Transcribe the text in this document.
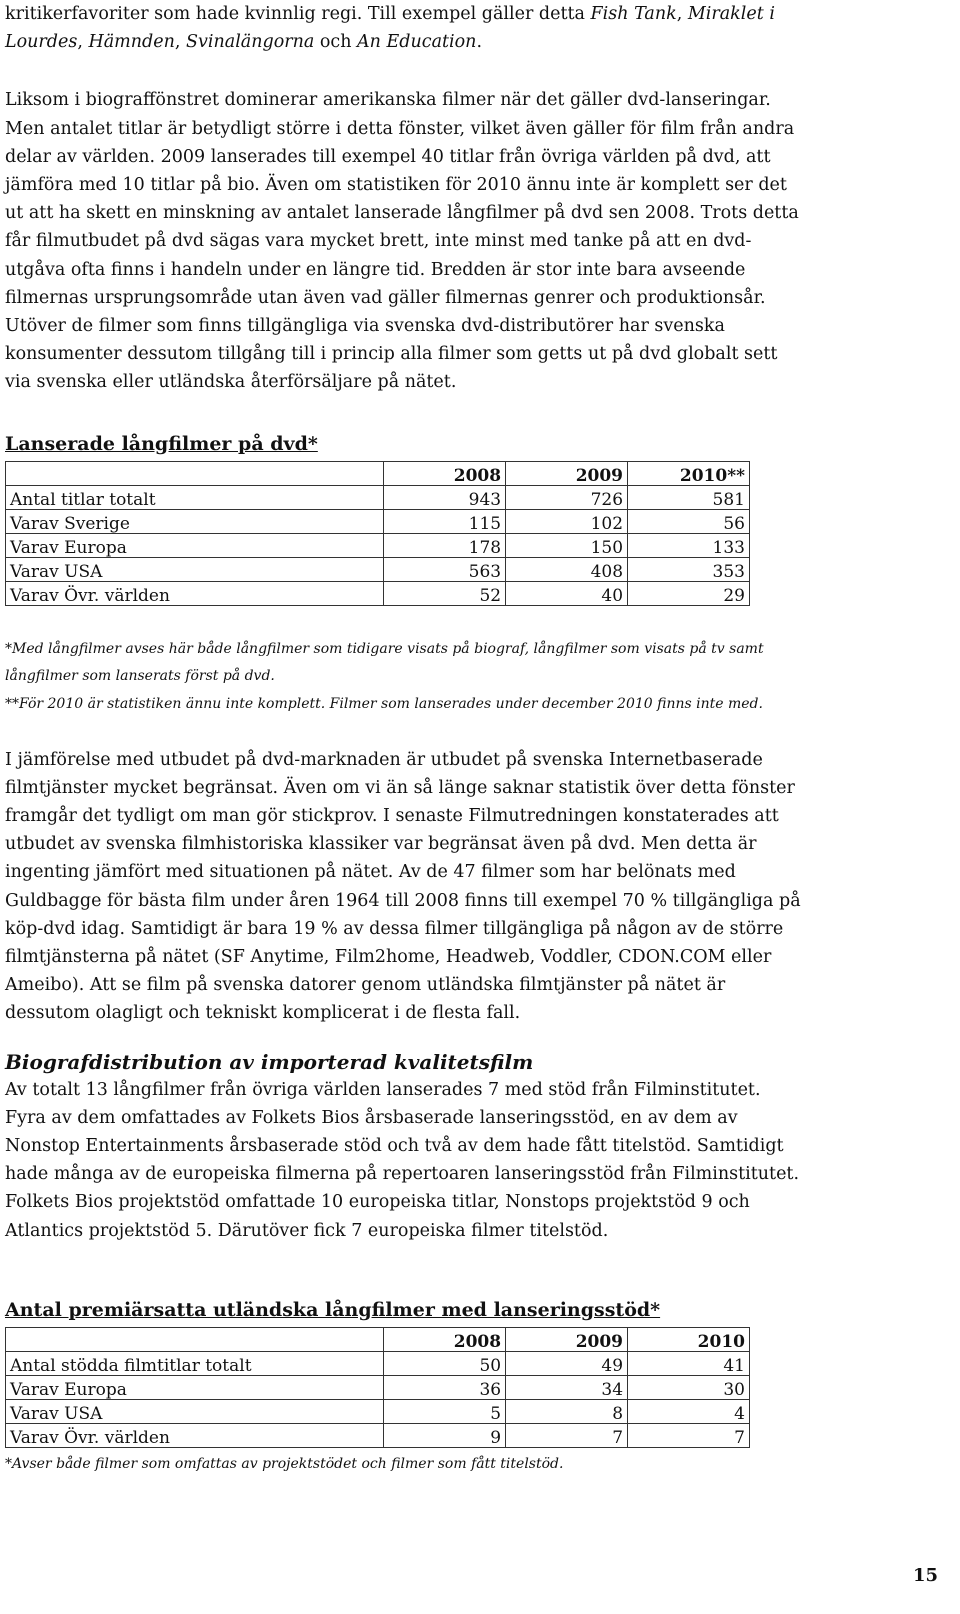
kritikerfavoriter som hade kvinnlig regi. Till exempel gäller detta Fish Tank, Miraklet i Lourdes, Hämnden, Svinalängorna och An Education.

Liksom i biograffönstret dominerar amerikanska filmer när det gäller dvd-lanseringar. Men antalet titlar är betydligt större i detta fönster, vilket även gäller för film från andra delar av världen. 2009 lanserades till exempel 40 titlar från övriga världen på dvd, att jämföra med 10 titlar på bio. Även om statistiken för 2010 ännu inte är komplett ser det ut att ha skett en minskning av antalet lanserade långfilmer på dvd sen 2008. Trots detta får filmutbudet på dvd sägas vara mycket brett, inte minst med tanke på att en dvd-utgåva ofta finns i handeln under en längre tid. Bredden är stor inte bara avseende filmernas ursprungsområde utan även vad gäller filmernas genrer och produktionsår. Utöver de filmer som finns tillgängliga via svenska dvd-distributörer har svenska konsumenter dessutom tillgång till i princip alla filmer som getts ut på dvd globalt sett via svenska eller utländska återförsäljare på nätet.

Lanserade långfilmer på dvd*
	2008	2009	2010**
Antal titlar totalt	943	726	581
Varav Sverige	115	102	56
Varav Europa	178	150	133
Varav USA	563	408	353
Varav Övr. världen	52	40	29
*Med långfilmer avses här både långfilmer som tidigare visats på biograf, långfilmer som visats på tv samt långfilmer som lanserats först på dvd.
**För 2010 är statistiken ännu inte komplett. Filmer som lanserades under december 2010 finns inte med.

I jämförelse med utbudet på dvd-marknaden är utbudet på svenska Internetbaserade filmtjänster mycket begränsat. Även om vi än så länge saknar statistik över detta fönster framgår det tydligt om man gör stickprov. I senaste Filmutredningen konstaterades att utbudet av svenska filmhistoriska klassiker var begränsat även på dvd. Men detta är ingenting jämfört med situationen på nätet. Av de 47 filmer som har belönats med Guldbagge för bästa film under åren 1964 till 2008 finns till exempel 70 % tillgängliga på köp-dvd idag. Samtidigt är bara 19 % av dessa filmer tillgängliga på någon av de större filmtjänsterna på nätet (SF Anytime, Film2home, Headweb, Voddler, CDON.COM eller Ameibo). Att se film på svenska datorer genom utländska filmtjänster på nätet är dessutom olagligt och tekniskt komplicerat i de flesta fall.

Biografdistribution av importerad kvalitetsfilm

Av totalt 13 långfilmer från övriga världen lanserades 7 med stöd från Filminstitutet. Fyra av dem omfattades av Folkets Bios årsbaserade lanseringsstöd, en av dem av Nonstop Entertainments årsbaserade stöd och två av dem hade fått titelstöd. Samtidigt hade många av de europeiska filmerna på repertoaren lanseringsstöd från Filminstitutet. Folkets Bios projektstöd omfattade 10 europeiska titlar, Nonstops projektstöd 9 och Atlantics projektstöd 5. Därutöver fick 7 europeiska filmer titelstöd.

Antal premiärsatta utländska långfilmer med lanseringsstöd*
	2008	2009	2010
Antal stödda filmtitlar totalt	50	49	41
Varav Europa	36	34	30
Varav USA	5	8	4
Varav Övr. världen	9	7	7
*Avser både filmer som omfattas av projektstödet och filmer som fått titelstöd.
15
